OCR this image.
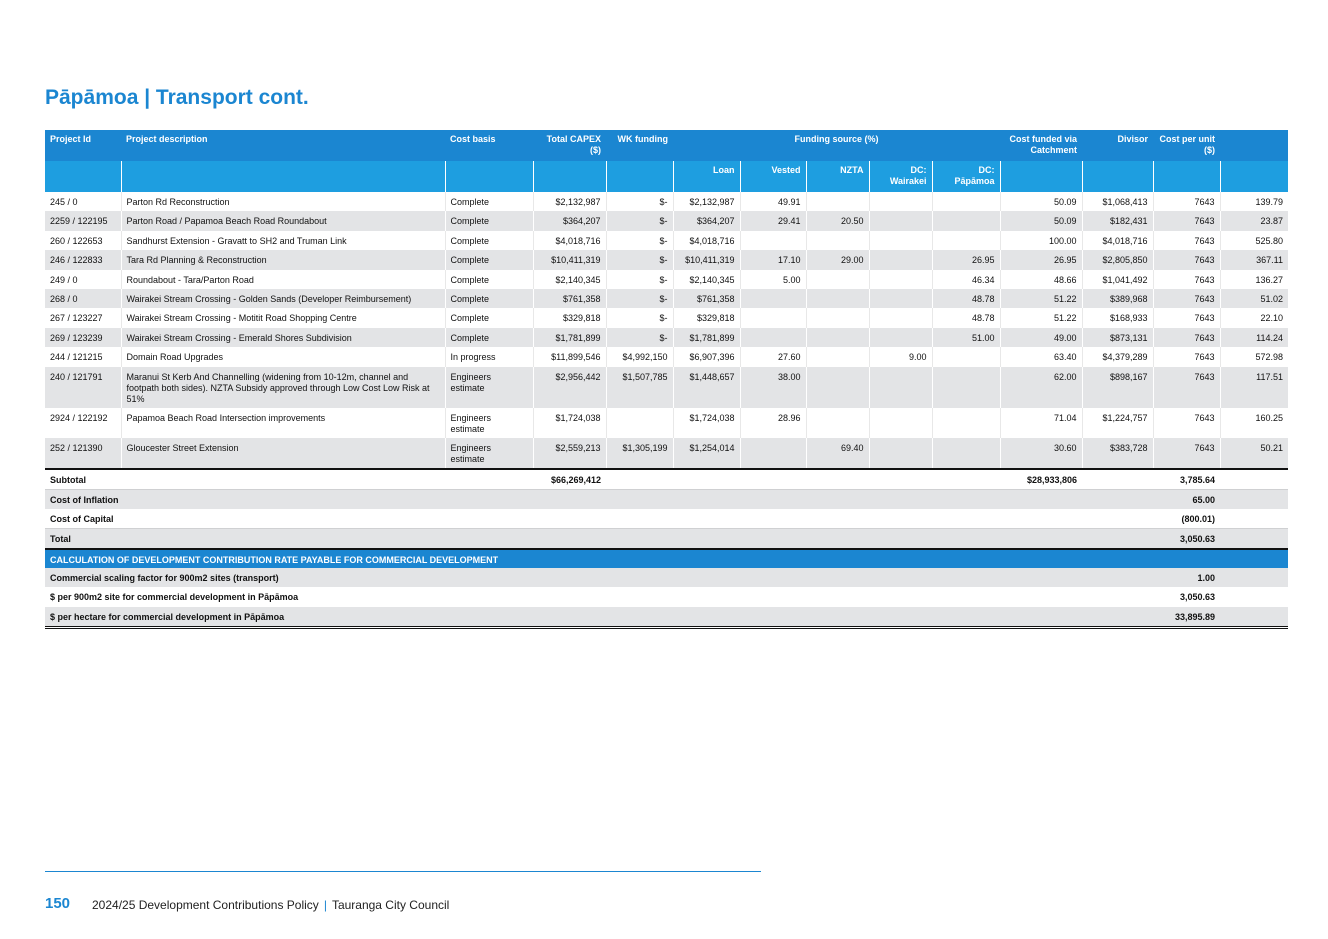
Pāpāmoa | Transport cont.
Project Id	Project description	Cost basis	Total CAPEX ($)	WK funding	Funding source (%)					Cost funded via Catchment	Divisor	Cost per unit ($)	
					Loan	Vested	NZTA	DC: Wairakei	DC: Pāpāmoa				
245 / 0	Parton Rd Reconstruction	Complete	$2,132,987	$-	$2,132,987	49.91				50.09	$1,068,413	7643	139.79
2259 / 122195	Parton Road / Papamoa Beach Road Roundabout	Complete	$364,207	$-	$364,207	29.41	20.50			50.09	$182,431	7643	23.87
260 / 122653	Sandhurst Extension - Gravatt to SH2 and Truman Link	Complete	$4,018,716	$-	$4,018,716					100.00	$4,018,716	7643	525.80
246 / 122833	Tara Rd Planning & Reconstruction	Complete	$10,411,319	$-	$10,411,319	17.10	29.00		26.95	26.95	$2,805,850	7643	367.11
249 / 0	Roundabout - Tara/Parton Road	Complete	$2,140,345	$-	$2,140,345	5.00			46.34	48.66	$1,041,492	7643	136.27
268 / 0	Wairakei Stream Crossing - Golden Sands (Developer Reimbursement)	Complete	$761,358	$-	$761,358				48.78	51.22	$389,968	7643	51.02
267 / 123227	Wairakei Stream Crossing - Motitit Road Shopping Centre	Complete	$329,818	$-	$329,818				48.78	51.22	$168,933	7643	22.10
269 / 123239	Wairakei Stream Crossing - Emerald Shores Subdivision	Complete	$1,781,899	$-	$1,781,899				51.00	49.00	$873,131	7643	114.24
244 / 121215	Domain Road Upgrades	In progress	$11,899,546	$4,992,150	$6,907,396	27.60		9.00		63.40	$4,379,289	7643	572.98
240 / 121791	Maranui St Kerb And Channelling (widening from 10-12m, channel and footpath both sides). NZTA Subsidy approved through Low Cost Low Risk at 51%	Engineers estimate	$2,956,442	$1,507,785	$1,448,657	38.00				62.00	$898,167	7643	117.51
2924 / 122192	Papamoa Beach Road Intersection improvements	Engineers estimate	$1,724,038		$1,724,038	28.96				71.04	$1,224,757	7643	160.25
252 / 121390	Gloucester Street Extension	Engineers estimate	$2,559,213	$1,305,199	$1,254,014		69.40			30.60	$383,728	7643	50.21
Subtotal			$66,269,412							$28,933,806		3,785.64	
Cost of Inflation												65.00	
Cost of Capital												(800.01)	
Total												3,050.63	
CALCULATION OF DEVELOPMENT CONTRIBUTION RATE PAYABLE FOR COMMERCIAL DEVELOPMENT													
Commercial scaling factor for 900m2 sites (transport)												1.00	
$ per 900m2 site for commercial development in Pāpāmoa												3,050.63	
$ per hectare for commercial development in Pāpāmoa												33,895.89	
150 2024/25 Development Contributions Policy | Tauranga City Council
